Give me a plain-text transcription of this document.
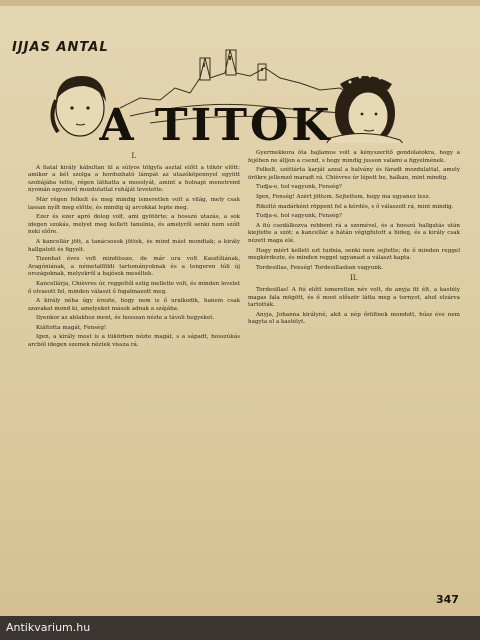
IJJAS ANTAL
A TITOK

I.

A fiatal király kábultan ül a súlyos tölgyfa asztal előtt a tükör előtt: amikor a két szolga a hordozható lámpát az utazóköpennyel együtt szobájába tette, régen láthatta a mosolyát, amint a holnapi menetrend nyomán egyszerű mozdulattal ruháját levetette.

Már régen felkelt és meg mindig ismeretlen volt a világ, mely csak lassan nyílt meg előtte, és mindig új arcokkal lepte meg.

Ezer és ezer apró dolog volt, ami gyötörte; a hosszú utazás, a sok idegen szokás, melyet meg kellett tanulnia, és amelyről senki nem szólt neki előre.

A kancellár jött, a tanácsosok jöttek, és mind mást mondtak; a király hallgatott és figyelt.

Tizenhat éves volt mindössze, de már ura volt Kasztíliának, Aragóniának, a németalföldi tartományoknak és a tengeren túli új országoknak, melyekről a hajósok meséltek.

Kancellárja, Chièvres úr, reggeltől estig mellette volt, és minden levelet ő olvasott fel, minden választ ő fogalmazott meg.

A király néha úgy érezte, hogy nem is ő uralkodik, hanem csak szavakat mond ki, amelyeket mások adnak a szájába.

Ilyenkor az ablakhoz ment, és hosszan nézte a távoli hegyeket.

Kiáltotta magát, Fenség!

Igen, a király most is a tükörben nézte magát, s a sápadt, hosszúkás arcból idegen szemek néztek vissza rá.

Gyermekkora óta hajlamos volt a kényszerítő gondolatokra, hogy a fejében ne álljon a csend, s hogy mindig jusson valami a figyelmének.

Felkelt, széttárta karját azzal a halvány és fáradt mozdulattal, amely örökre jellemző maradt rá. Chièvres úr lépett be, halkan, mint mindig.

Tudja-e, hol vagyunk, Fenség?

Igen, Fenség! Azért jöttem. Sejtettem, hogy ma ugyanez lesz.

Rikoltó madárként röppent fel a kérdés, s ő válaszolt rá, mint mindig.

Tudja-e, hol vagyunk, Fenség?

A fiú csodálkozva rebbent rá a szemével, és a hosszú hallgatás után kiejtette a szót; a kancellár a hátán végigfutott a hideg, és a király csak nézett maga elé.

Hogy miért kellett ezt tudnia, senki nem sejtette; de ő minden reggel megkérdezte, és minden reggel ugyanazt a választ kapta.

Tordesillas, Fenség! Tordesillasban vagyunk.

II.

Tordesillas! A fiú előtt ismeretlen név volt, de anyja itt élt, a kastély magas fala mögött, és ő most először látta meg a tornyot, ahol elzárva tartották.

Anyja, Johanna királyné, akit a nép őrültnek mondott, húsz éve nem hagyta el a kastélyt.

347
Antikvarium.hu
